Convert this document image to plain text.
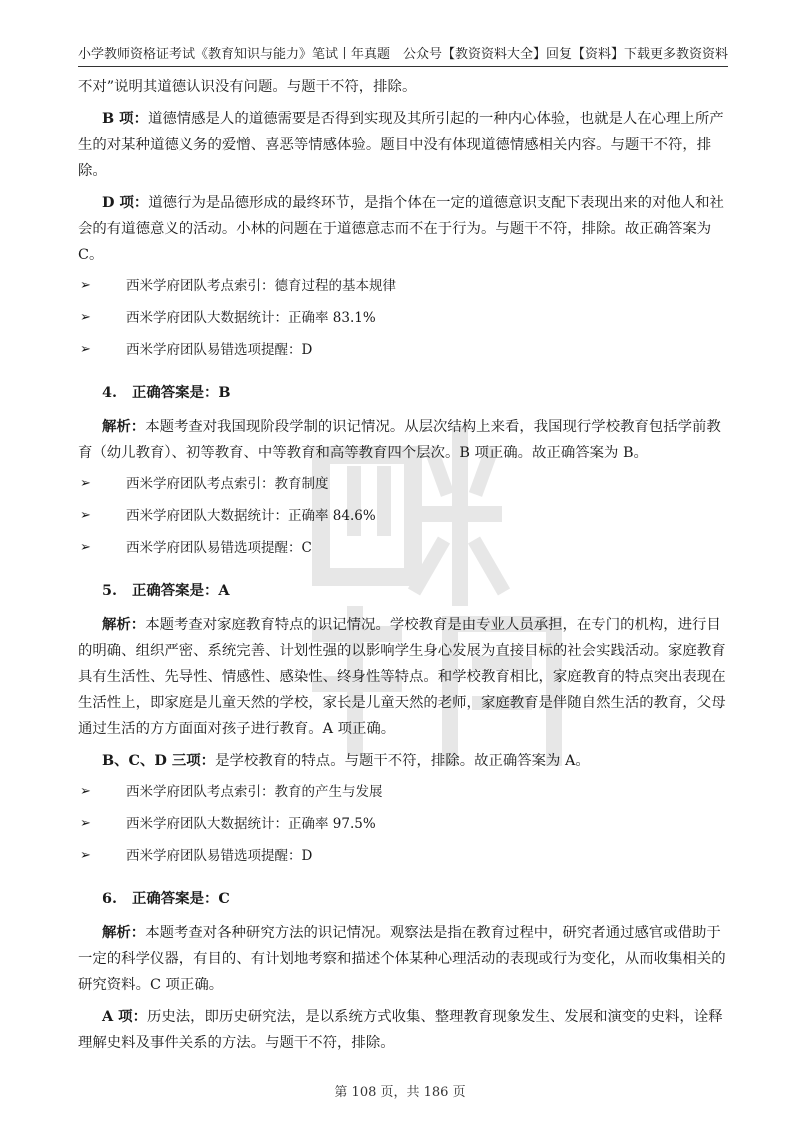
小学教师资格证考试《教育知识与能力》笔试丨年真题 公众号【教资资料大全】回复【资料】下载更多教资资料

不对”说明其道德认识没有问题。与题干不符，排除。

B 项：道德情感是人的道德需要是否得到实现及其所引起的一种内心体验，也就是人在心理上所产生的对某种道德义务的爱憎、喜恶等情感体验。题目中没有体现道德情感相关内容。与题干不符，排除。

D 项：道德行为是品德形成的最终环节，是指个体在一定的道德意识支配下表现出来的对他人和社会的有道德意义的活动。小林的问题在于道德意志而不在于行为。与题干不符，排除。故正确答案为 C。

➢	西米学府团队考点索引：德育过程的基本规律
➢	西米学府团队大数据统计：正确率 83.1%
➢	西米学府团队易错选项提醒：D
4. 正确答案是：B

解析：本题考查对我国现阶段学制的识记情况。从层次结构上来看，我国现行学校教育包括学前教育（幼儿教育）、初等教育、中等教育和高等教育四个层次。B 项正确。故正确答案为 B。

➢	西米学府团队考点索引：教育制度
➢	西米学府团队大数据统计：正确率 84.6%
➢	西米学府团队易错选项提醒：C
5. 正确答案是：A

解析：本题考查对家庭教育特点的识记情况。学校教育是由专业人员承担，在专门的机构，进行目的明确、组织严密、系统完善、计划性强的以影响学生身心发展为直接目标的社会实践活动。家庭教育具有生活性、先导性、情感性、感染性、终身性等特点。和学校教育相比，家庭教育的特点突出表现在生活性上，即家庭是儿童天然的学校，家长是儿童天然的老师，家庭教育是伴随自然生活的教育，父母通过生活的方方面面对孩子进行教育。A 项正确。

B、C、D 三项：是学校教育的特点。与题干不符，排除。故正确答案为 A。

➢	西米学府团队考点索引：教育的产生与发展
➢	西米学府团队大数据统计：正确率 97.5%
➢	西米学府团队易错选项提醒：D
6. 正确答案是：C

解析：本题考查对各种研究方法的识记情况。观察法是指在教育过程中，研究者通过感官或借助于一定的科学仪器，有目的、有计划地考察和描述个体某种心理活动的表现或行为变化，从而收集相关的研究资料。C 项正确。

A 项：历史法，即历史研究法，是以系统方式收集、整理教育现象发生、发展和演变的史料，诠释理解史料及事件关系的方法。与题干不符，排除。

第 108 页，共 186 页
